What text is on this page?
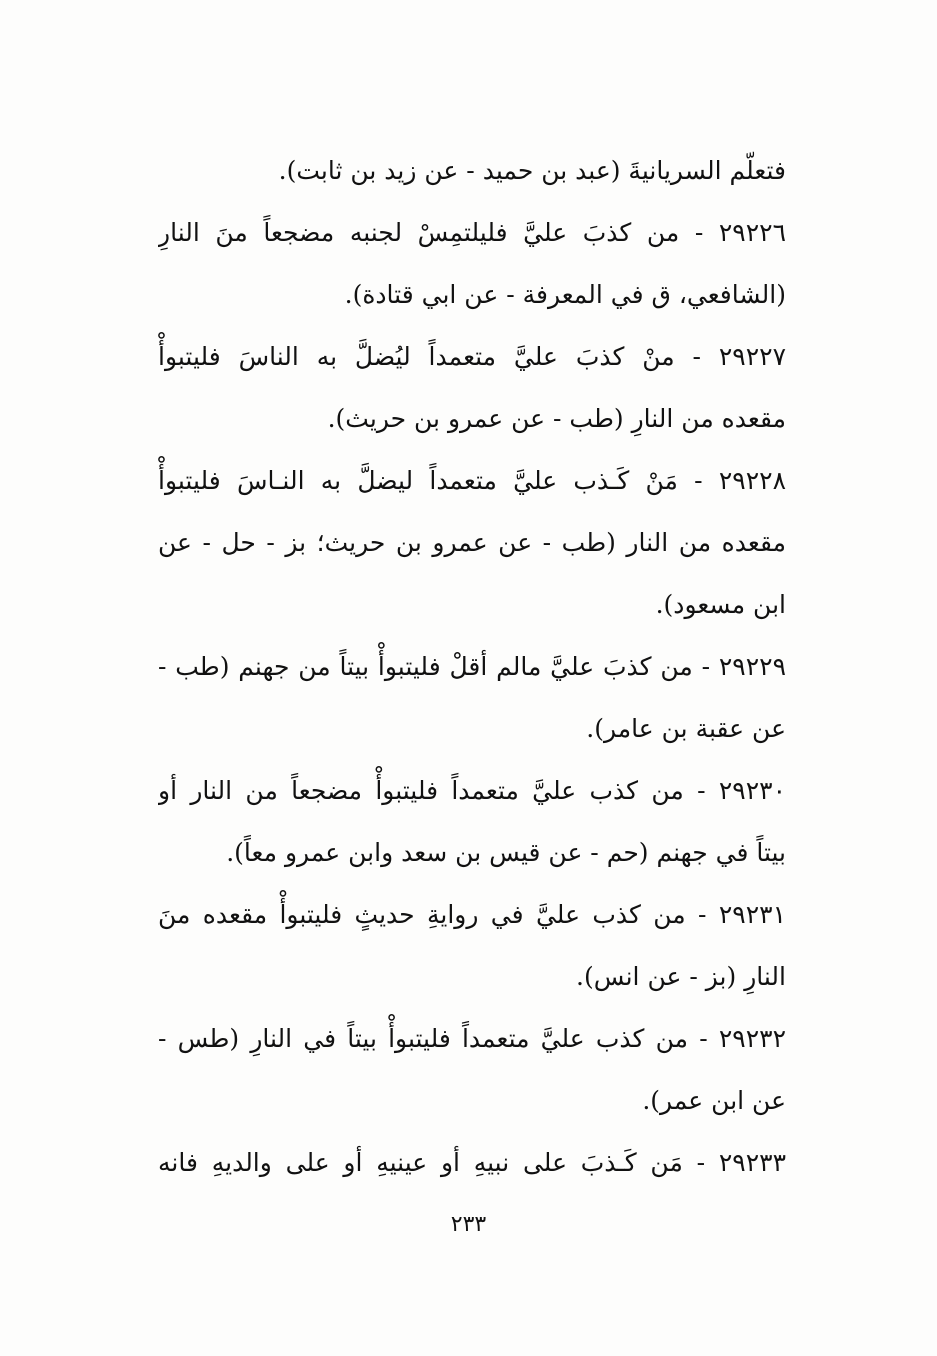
فتعلّم السريانيةَ (عبد بن حميد - عن زيد بن ثابت).
٢٩٢٢٦ - من كذبَ عليَّ فليلتمِسْ لجنبه مضجعاً منَ النارِ
(الشافعي، ق في المعرفة - عن ابي قتادة).
٢٩٢٢٧ - منْ كذبَ عليَّ متعمداً ليُضلَّ به الناسَ فليتبوأْ
مقعده من النارِ (طب - عن عمرو بن حريث).
٢٩٢٢٨ - مَنْ كَـذب عليَّ متعمداً ليضلَّ به النـاسَ فليتبوأْ
مقعده من النار (طب - عن عمرو بن حريث؛ بز - حل - عن
ابن مسعود).
٢٩٢٢٩ - من كذبَ عليَّ مالم أقلْ فليتبوأْ بيتاً من جهنم (طب -
عن عقبة بن عامر).
٢٩٢٣٠ - من كذب عليَّ متعمداً فليتبوأْ مضجعاً من النار أو
بيتاً في جهنم (حم - عن قيس بن سعد وابن عمرو معاً).
٢٩٢٣١ - من كذب عليَّ في روايةِ حديثٍ فليتبوأْ مقعده منَ
النارِ (بز - عن انس).
٢٩٢٣٢ - من كذب عليَّ متعمداً فليتبوأْ بيتاً في النارِ (طس -
عن ابن عمر).
٢٩٢٣٣ - مَن كَـذبَ على نبيهِ أو عينيهِ أو على والديهِ فانه
٢٣٣
